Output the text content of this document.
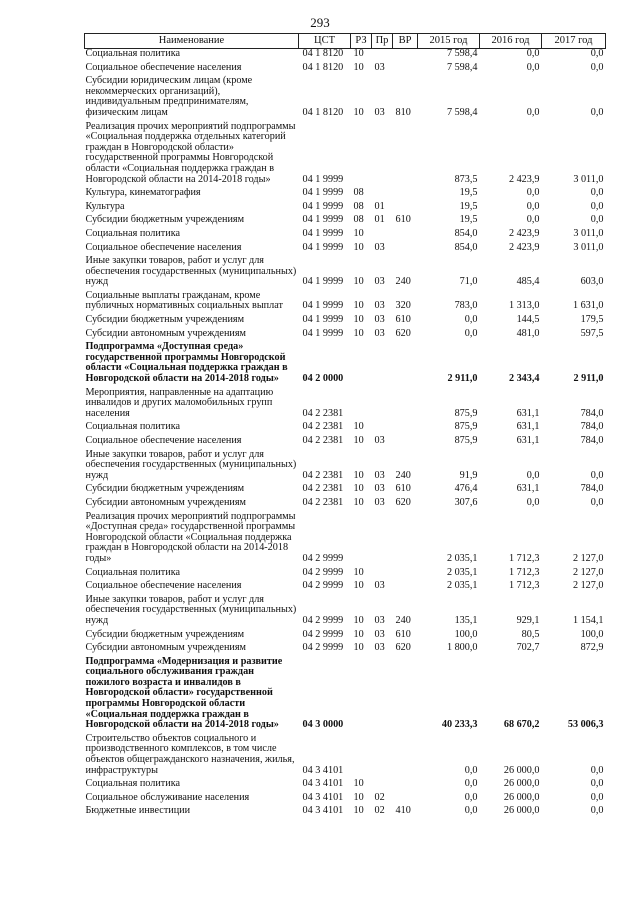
293
Наименование	ЦСТ	РЗ	Пр	ВР	2015 год	2016 год	2017 год
Социальная политика	04 1 8120	10			7 598,4	0,0	0,0
Социальное обеспечение населения	04 1 8120	10	03		7 598,4	0,0	0,0
Субсидии юридическим лицам (кроме некоммерческих организаций), индивидуальным предпринимателям, физическим лицам	04 1 8120	10	03	810	7 598,4	0,0	0,0
Реализация прочих мероприятий подпрограммы «Социальная поддержка отдельных категорий граждан в Новгородской области» государственной программы Новгородской области «Социальная поддержка граждан в Новгородской области на 2014-2018 годы»	04 1 9999				873,5	2 423,9	3 011,0
Культура, кинематография	04 1 9999	08			19,5	0,0	0,0
Культура	04 1 9999	08	01		19,5	0,0	0,0
Субсидии бюджетным учреждениям	04 1 9999	08	01	610	19,5	0,0	0,0
Социальная политика	04 1 9999	10			854,0	2 423,9	3 011,0
Социальное обеспечение населения	04 1 9999	10	03		854,0	2 423,9	3 011,0
Иные закупки товаров, работ и услуг для обеспечения государственных (муниципальных) нужд	04 1 9999	10	03	240	71,0	485,4	603,0
Социальные выплаты гражданам, кроме публичных нормативных социальных выплат	04 1 9999	10	03	320	783,0	1 313,0	1 631,0
Субсидии бюджетным учреждениям	04 1 9999	10	03	610	0,0	144,5	179,5
Субсидии автономным учреждениям	04 1 9999	10	03	620	0,0	481,0	597,5
Подпрограмма «Доступная среда» государственной программы Новгородской области «Социальная поддержка граждан в Новгородской области на 2014-2018 годы»	04 2 0000				2 911,0	2 343,4	2 911,0
Мероприятия, направленные на адаптацию инвалидов и других маломобильных групп населения	04 2 2381				875,9	631,1	784,0
Социальная политика	04 2 2381	10			875,9	631,1	784,0
Социальное обеспечение населения	04 2 2381	10	03		875,9	631,1	784,0
Иные закупки товаров, работ и услуг для обеспечения государственных (муниципальных) нужд	04 2 2381	10	03	240	91,9	0,0	0,0
Субсидии бюджетным учреждениям	04 2 2381	10	03	610	476,4	631,1	784,0
Субсидии автономным учреждениям	04 2 2381	10	03	620	307,6	0,0	0,0
Реализация прочих мероприятий подпрограммы «Доступная среда» государственной программы Новгородской области «Социальная поддержка граждан в Новгородской области на 2014-2018 годы»	04 2 9999				2 035,1	1 712,3	2 127,0
Социальная политика	04 2 9999	10			2 035,1	1 712,3	2 127,0
Социальное обеспечение населения	04 2 9999	10	03		2 035,1	1 712,3	2 127,0
Иные закупки товаров, работ и услуг для обеспечения государственных (муниципальных) нужд	04 2 9999	10	03	240	135,1	929,1	1 154,1
Субсидии бюджетным учреждениям	04 2 9999	10	03	610	100,0	80,5	100,0
Субсидии автономным учреждениям	04 2 9999	10	03	620	1 800,0	702,7	872,9
Подпрограмма «Модернизация и развитие социального обслуживания граждан пожилого возраста и инвалидов в Новгородской области» государственной программы Новгородской области «Социальная поддержка граждан в Новгородской области на 2014-2018 годы»	04 3 0000				40 233,3	68 670,2	53 006,3
Строительство объектов социального и производственного комплексов, в том числе объектов общегражданского назначения, жилья, инфраструктуры	04 3 4101				0,0	26 000,0	0,0
Социальная политика	04 3 4101	10			0,0	26 000,0	0,0
Социальное обслуживание населения	04 3 4101	10	02		0,0	26 000,0	0,0
Бюджетные инвестиции	04 3 4101	10	02	410	0,0	26 000,0	0,0
